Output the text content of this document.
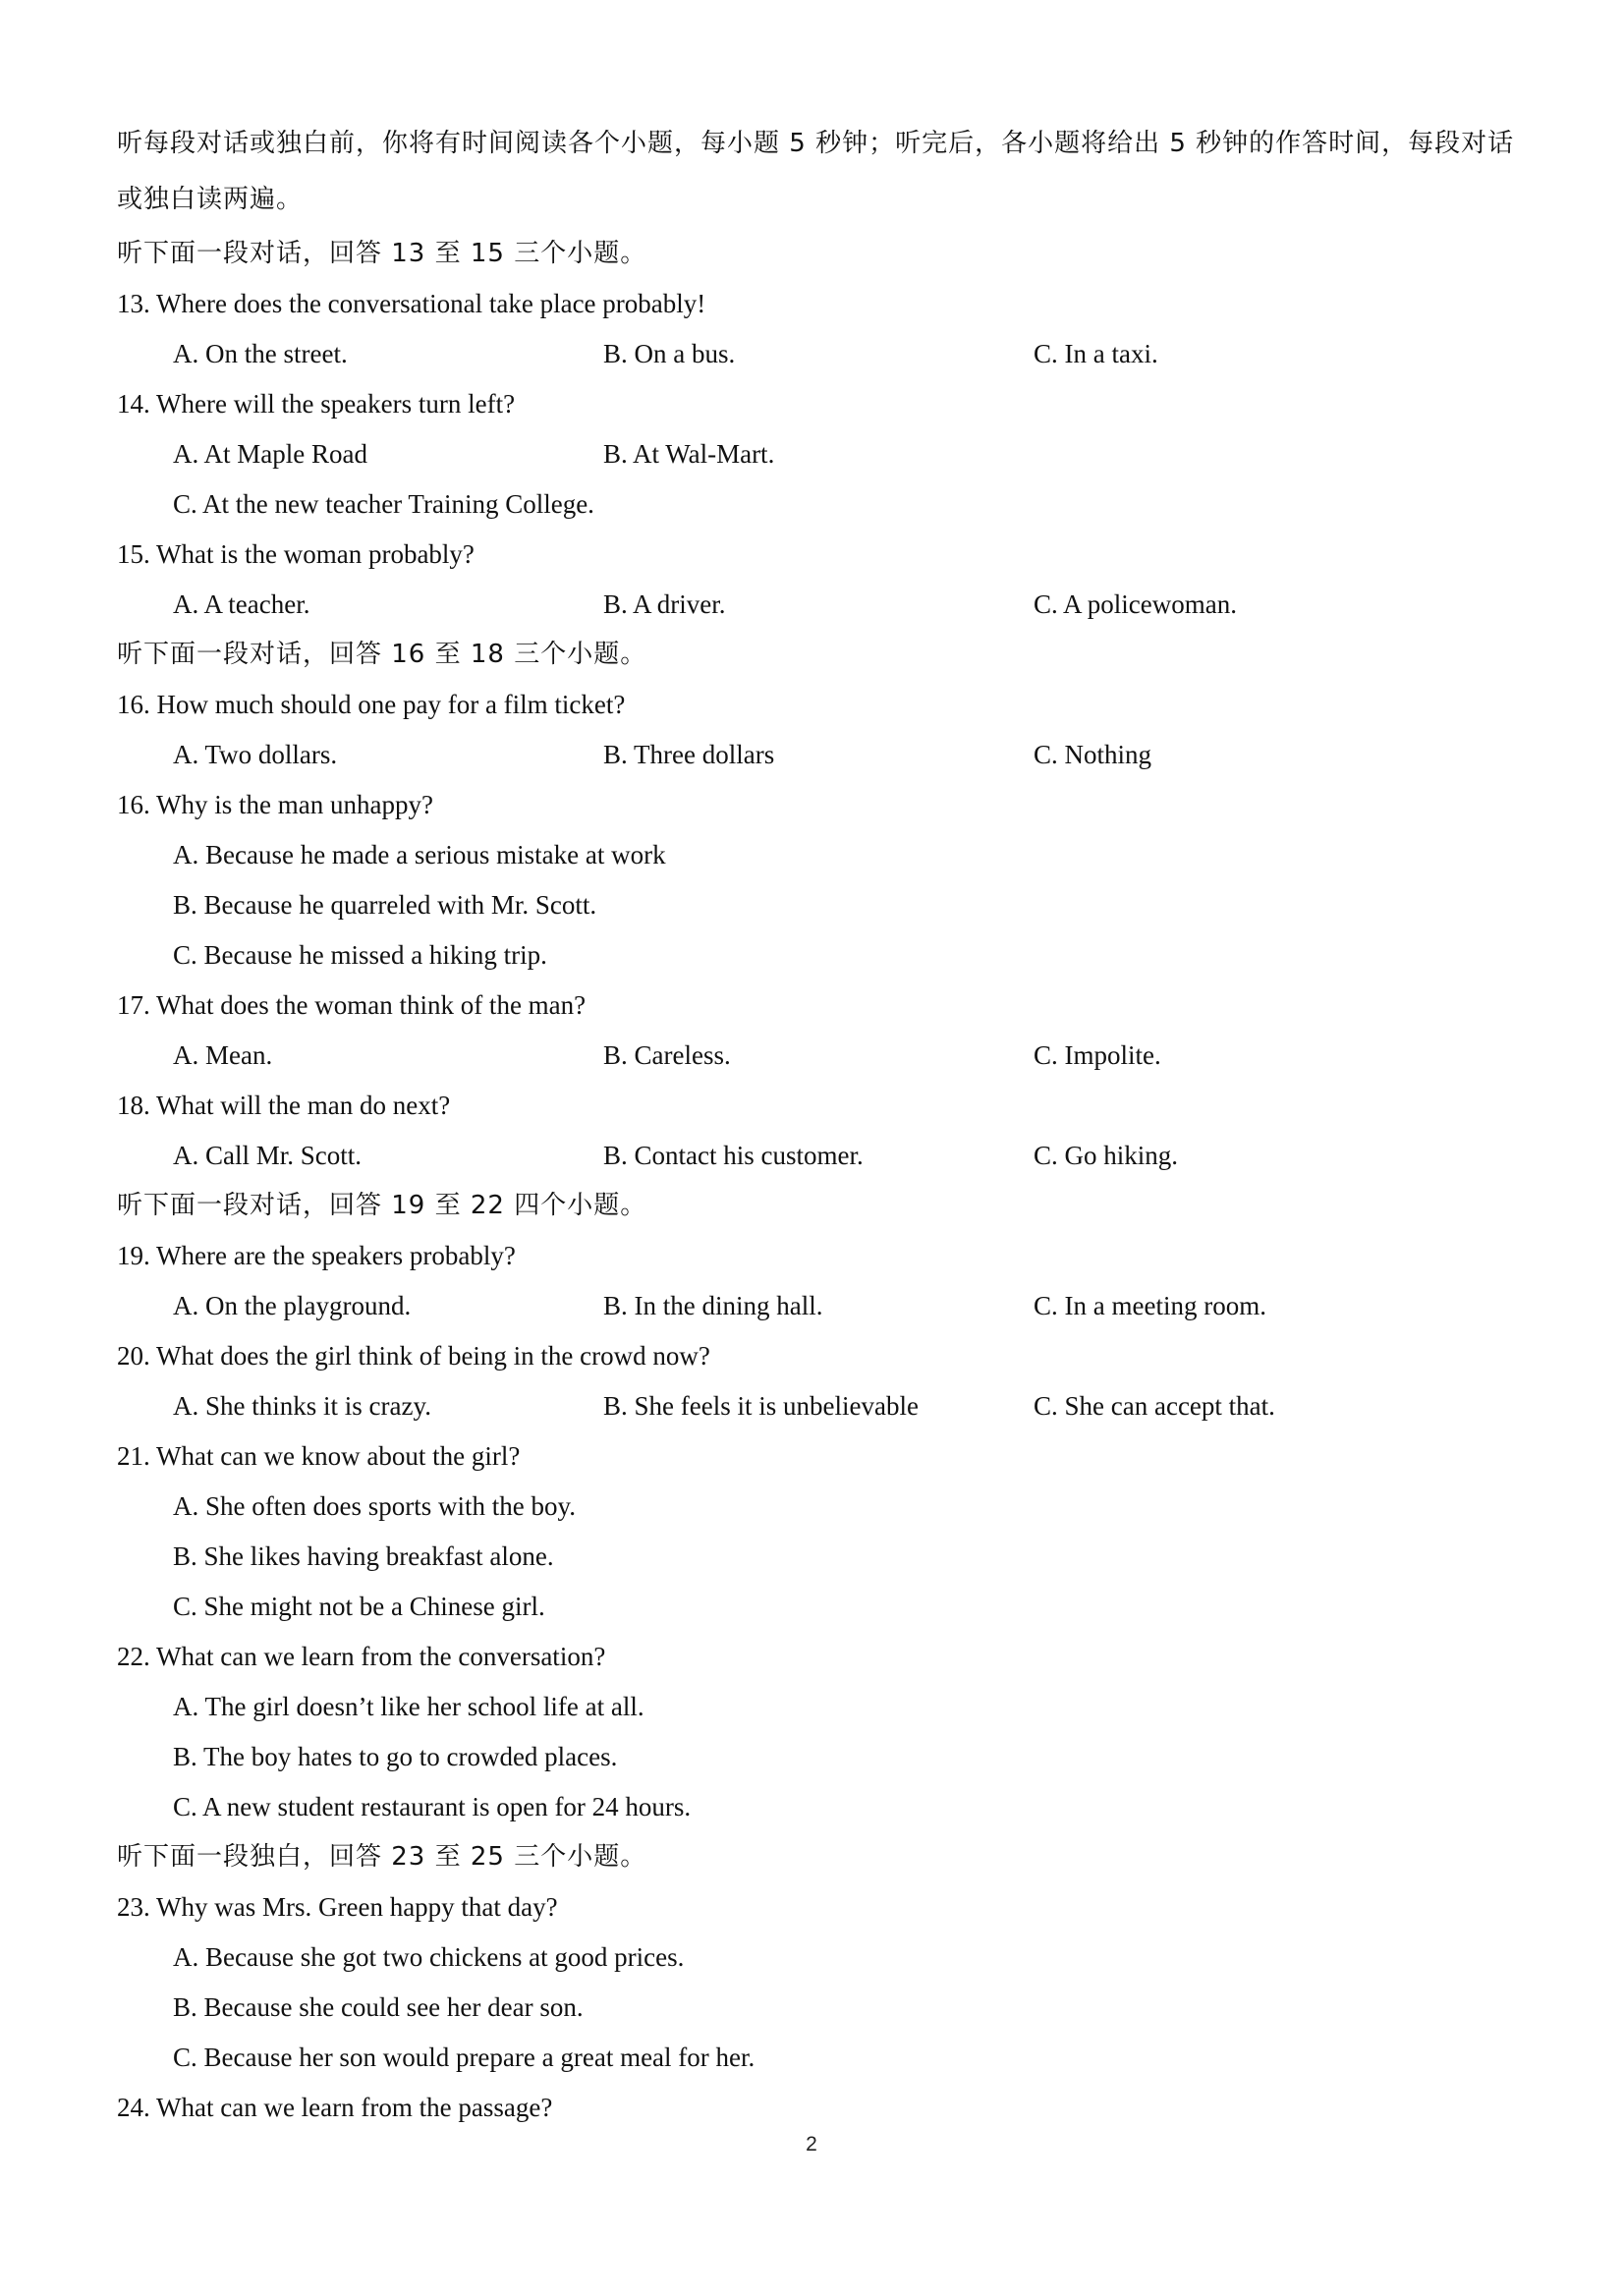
听每段对话或独白前，你将有时间阅读各个小题，每小题 5 秒钟；听完后，各小题将给出 5 秒钟的作答时间，每段对话或独白读两遍。
听下面一段对话，回答 13 至 15 三个小题。
13. Where does the conversational take place probably!
A. On the street.	B. On a bus.	C. In a taxi.
14. Where will the speakers turn left?
A. At Maple Road	B. At Wal-Mart.
C. At the new teacher Training College.
15. What is the woman probably?
A. A teacher.	B. A driver.	C. A policewoman.
听下面一段对话，回答 16 至 18 三个小题。
16. How much should one pay for a film ticket?
A. Two dollars.	B. Three dollars	C. Nothing
16. Why is the man unhappy?
A. Because he made a serious mistake at work
B. Because he quarreled with Mr. Scott.
C. Because he missed a hiking trip.
17. What does the woman think of the man?
A. Mean.	B. Careless.	C. Impolite.
18. What will the man do next?
A. Call Mr. Scott.	B. Contact his customer.	C. Go hiking.
听下面一段对话，回答 19 至 22 四个小题。
19. Where are the speakers probably?
A. On the playground.	B. In the dining hall.	C. In a meeting room.
20. What does the girl think of being in the crowd now?
A. She thinks it is crazy.	B. She feels it is unbelievable	C. She can accept that.
21. What can we know about the girl?
A. She often does sports with the boy.
B. She likes having breakfast alone.
C. She might not be a Chinese girl.
22. What can we learn from the conversation?
A. The girl doesn’t like her school life at all.
B. The boy hates to go to crowded places.
C. A new student restaurant is open for 24 hours.
听下面一段独白，回答 23 至 25 三个小题。
23. Why was Mrs. Green happy that day?
A. Because she got two chickens at good prices.
B. Because she could see her dear son.
C. Because her son would prepare a great meal for her.
24. What can we learn from the passage?
2
